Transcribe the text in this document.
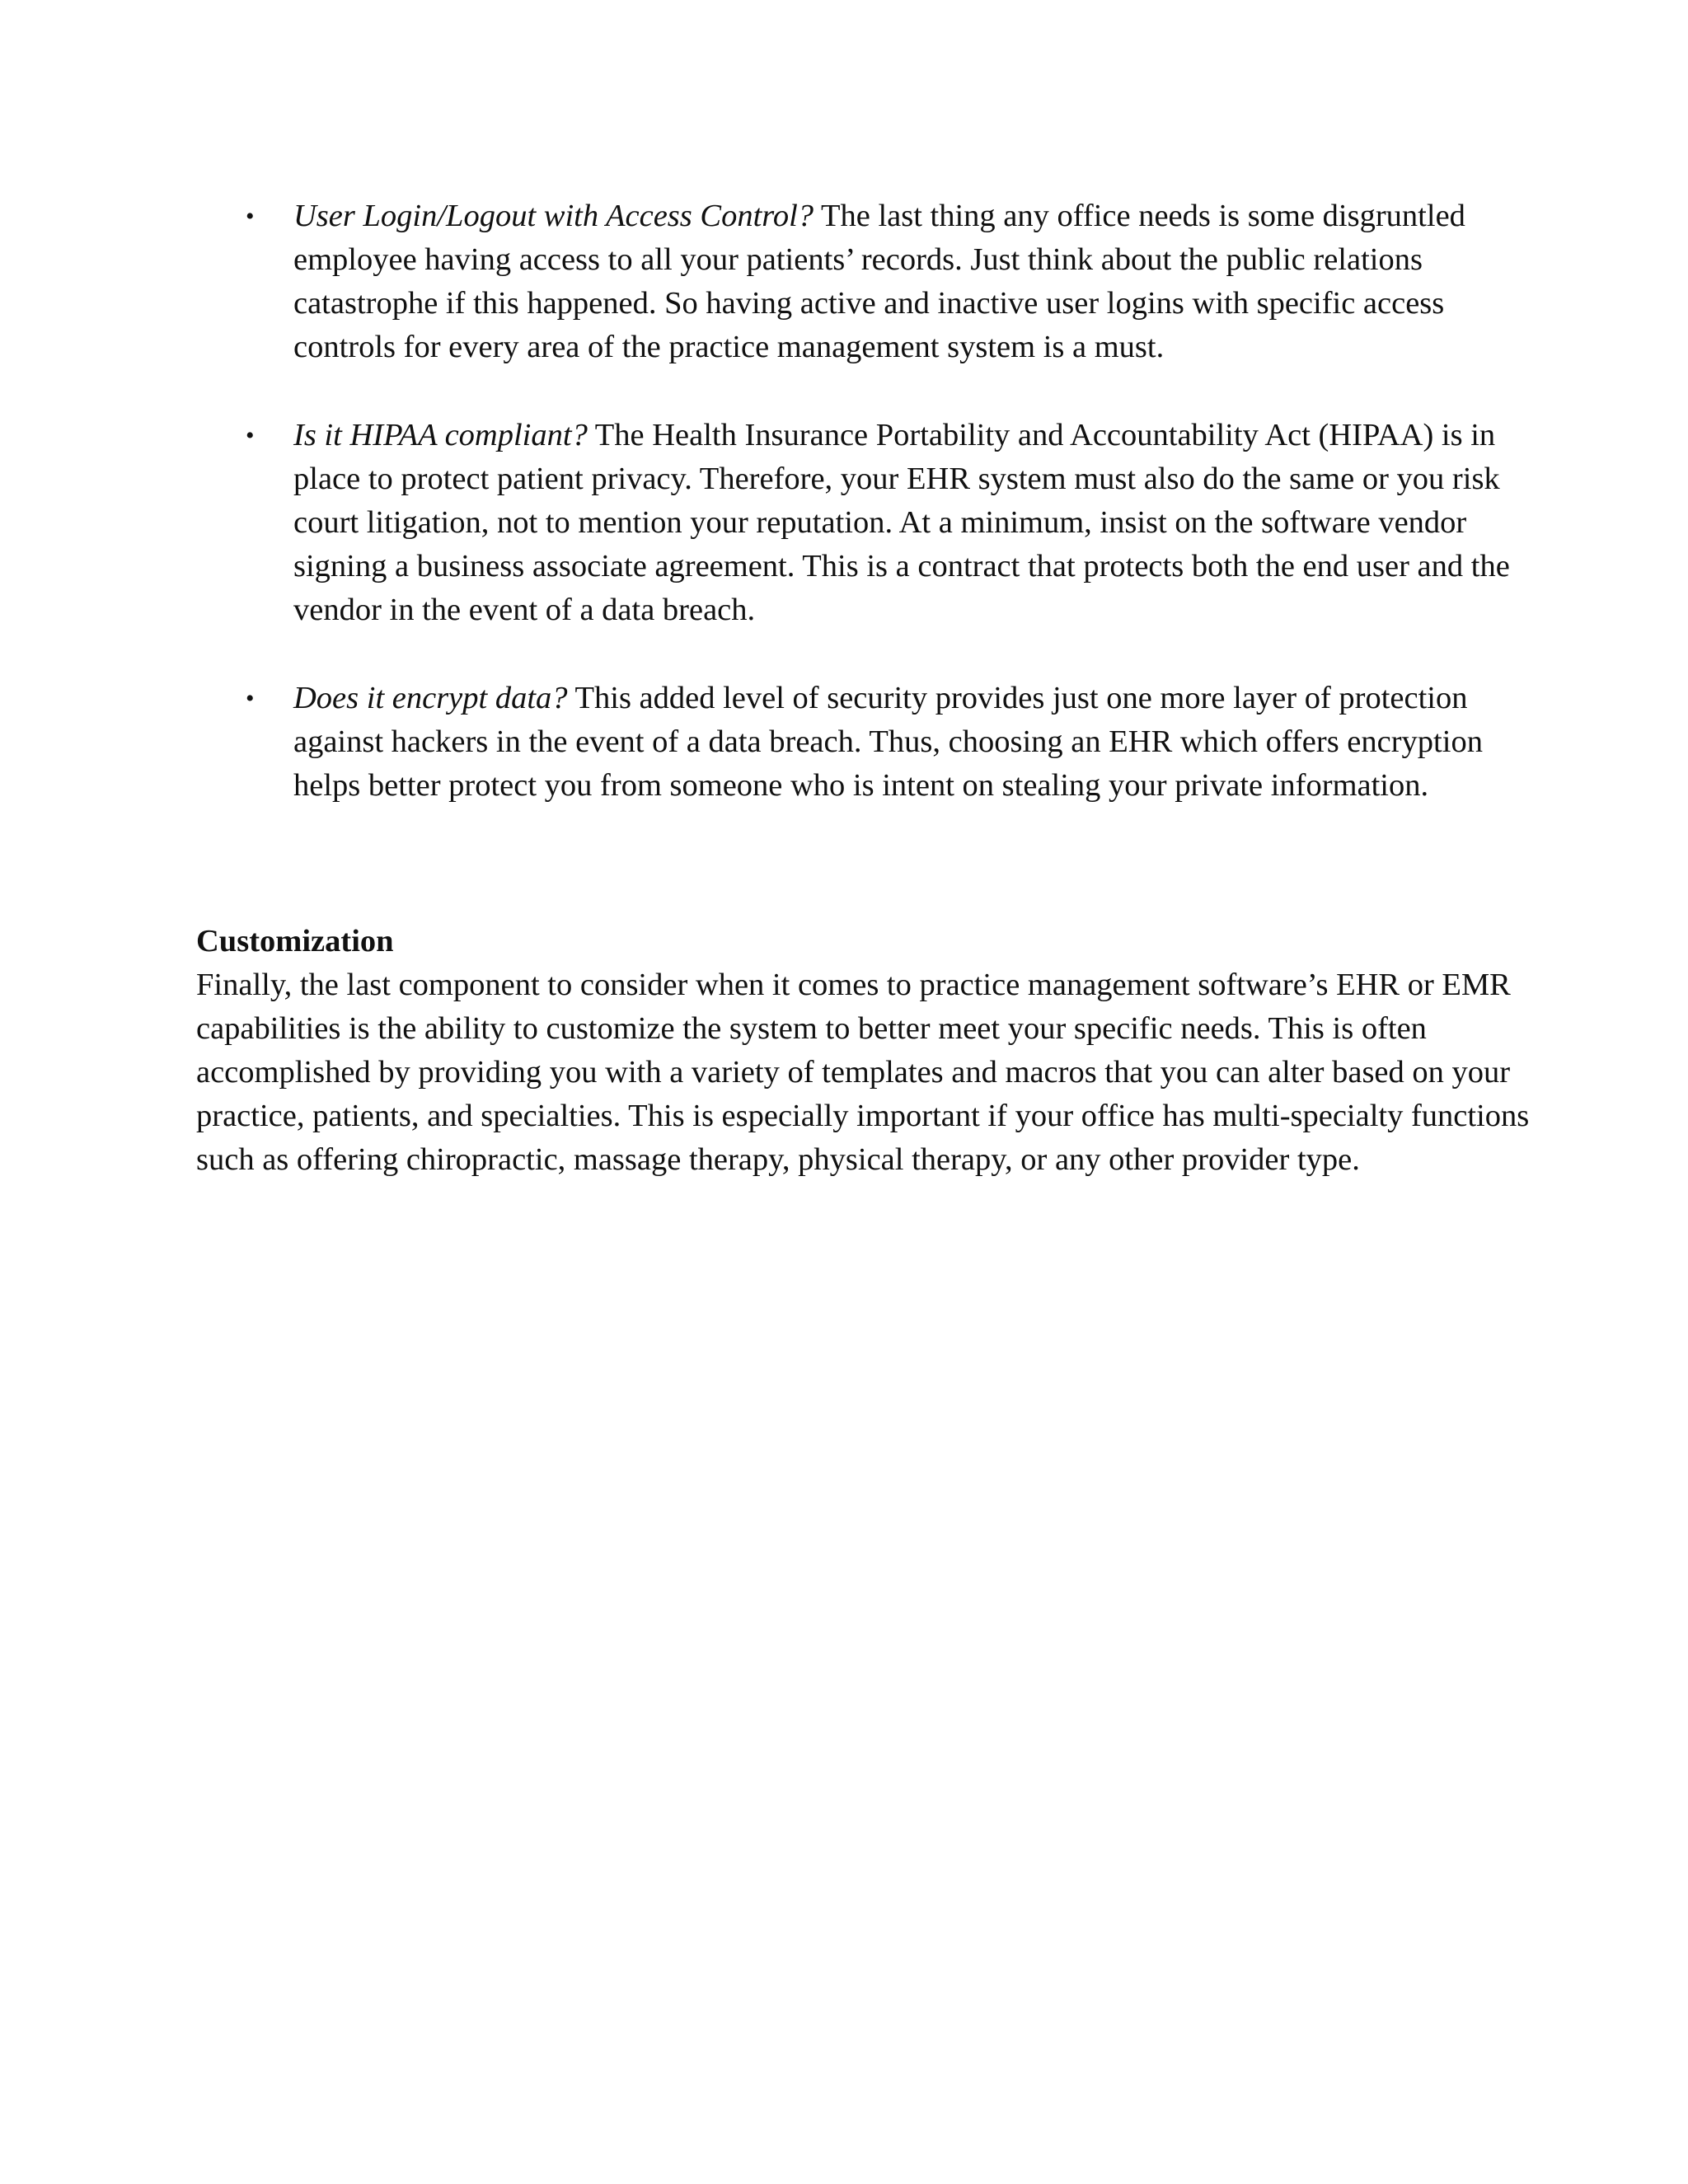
• User Login/Logout with Access Control? The last thing any office needs is some disgruntled employee having access to all your patients’ records. Just think about the public relations catastrophe if this happened. So having active and inactive user logins with specific access controls for every area of the practice management system is a must.
• Is it HIPAA compliant? The Health Insurance Portability and Accountability Act (HIPAA) is in place to protect patient privacy. Therefore, your EHR system must also do the same or you risk court litigation, not to mention your reputation. At a minimum, insist on the software vendor signing a business associate agreement. This is a contract that protects both the end user and the vendor in the event of a data breach.
• Does it encrypt data? This added level of security provides just one more layer of protection against hackers in the event of a data breach. Thus, choosing an EHR which offers encryption helps better protect you from someone who is intent on stealing your private information.

Customization

Finally, the last component to consider when it comes to practice management software’s EHR or EMR capabilities is the ability to customize the system to better meet your specific needs. This is often accomplished by providing you with a variety of templates and macros that you can alter based on your practice, patients, and specialties. This is especially important if your office has multi-specialty functions such as offering chiropractic, massage therapy, physical therapy, or any other provider type.
